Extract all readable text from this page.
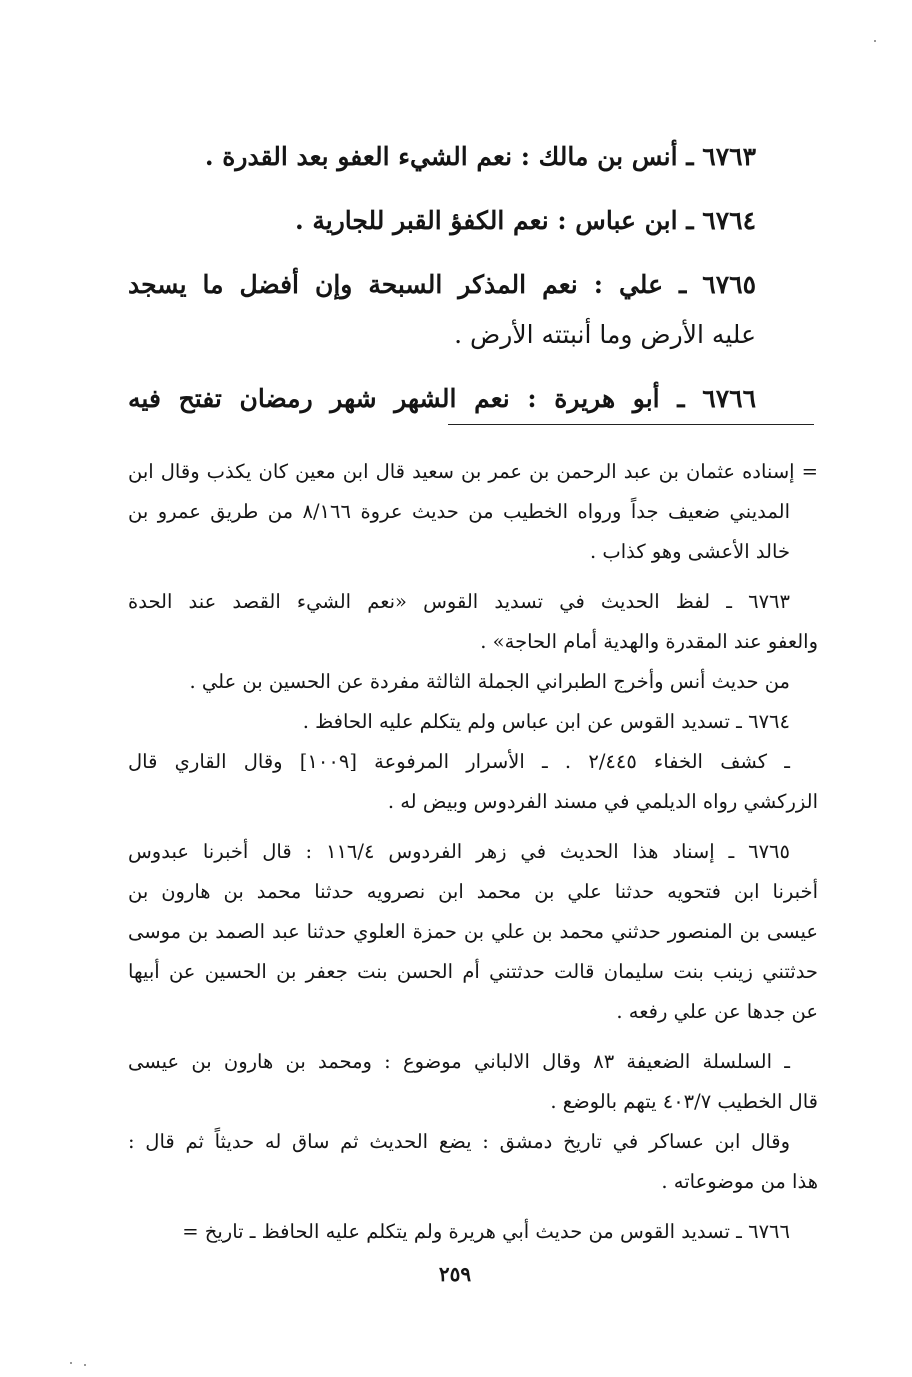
٦٧٦٣ ـ أنس بن مالك : نعم الشيء العفو بعد القدرة .

٦٧٦٤ ـ ابن عباس : نعم الكفؤ القبر للجارية .

٦٧٦٥ ـ علي : نعم المذكر السبحة وإن أفضل ما يسجد

عليه الأرض وما أنبتته الأرض .

٦٧٦٦ ـ أبو هريرة : نعم الشهر شهر رمضان تفتح فيه

= إسناده عثمان بن عبد الرحمن بن عمر بن سعيد قال ابن معين كان يكذب وقال ابن

المديني ضعيف جداً ورواه الخطيب من حديث عروة ٨/١٦٦ من طريق عمرو بن

خالد الأعشى وهو كذاب .

٦٧٦٣ ـ لفظ الحديث في تسديد القوس «نعم الشيء القصد عند الحدة

والعفو عند المقدرة والهدية أمام الحاجة» .

من حديث أنس وأخرج الطبراني الجملة الثالثة مفردة عن الحسين بن علي .

٦٧٦٤ ـ تسديد القوس عن ابن عباس ولم يتكلم عليه الحافظ .

ـ كشف الخفاء ٢/٤٤٥ . ـ الأسرار المرفوعة [١٠٠٩] وقال القاري قال

الزركشي رواه الديلمي في مسند الفردوس وبيض له .

٦٧٦٥ ـ إسناد هذا الحديث في زهر الفردوس ١١٦/٤ : قال أخبرنا عبدوس

أخبرنا ابن فتحويه حدثنا علي بن محمد ابن نصرويه حدثنا محمد بن هارون بن

عيسى بن المنصور حدثني محمد بن علي بن حمزة العلوي حدثنا عبد الصمد بن موسى

حدثتني زينب بنت سليمان قالت حدثتني أم الحسن بنت جعفر بن الحسين عن أبيها

عن جدها عن علي رفعه .

ـ السلسلة الضعيفة ٨٣ وقال الالباني موضوع : ومحمد بن هارون بن عيسى

قال الخطيب ٤٠٣/٧ يتهم بالوضع .

وقال ابن عساكر في تاريخ دمشق : يضع الحديث ثم ساق له حديثاً ثم قال :

هذا من موضوعاته .

٦٧٦٦ ـ تسديد القوس من حديث أبي هريرة ولم يتكلم عليه الحافظ ـ تاريخ =

٢٥٩
